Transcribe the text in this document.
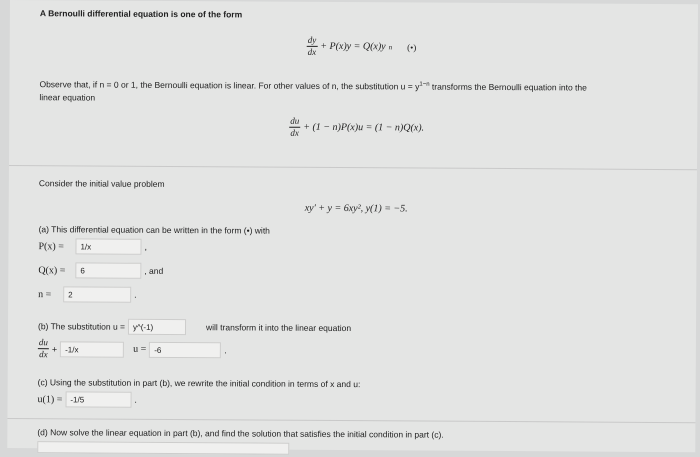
A Bernoulli differential equation is one of the form
$\frac{dy}{dx} + P(x)y = Q(x)y$ n (•)
Observe that, if n = 0 or 1, the Bernoulli equation is linear. For other values of n, the substitution $u = y^{1-n}$ transforms the Bernoulli equation into the
linear equation
$\frac{du}{dx} + (1 - n)P(x)u = (1 - n)Q(x)$.
Consider the initial value problem
xy′ + y = 6xy², y(1) = −5.
(a) This differential equation can be written in the form (•) with
P(x) =	1/x	,
Q(x) =	6	, and
n =	2	.
(b) The substitution u = y^(-1)	will transform it into the linear equation
$\frac{du}{dx} + -1/x$	u = -6	.
(c) Using the substitution in part (b), we rewrite the initial condition in terms of x and u:
u(1) = -1/5	.
(d) Now solve the linear equation in part (b), and find the solution that satisfies the initial condition in part (c).
